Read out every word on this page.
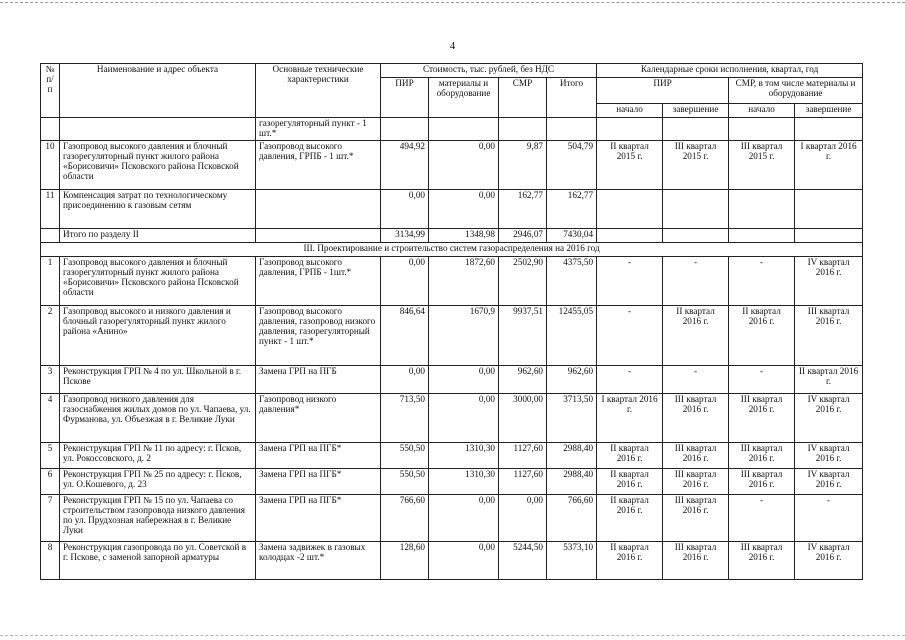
4
№ п/п	Наименование и адрес объекта	Основные технические характеристики	Стоимость, тыс. рублей, без НДС				Календарные сроки исполнения, квартал, год			
			ПИР	материалы и оборудование	СМР	Итого	ПИР		СМР, в том числе материалы и оборудование	
							начало	завершение	начало	завершение
		газорегуляторный пункт - 1 шт.*								
10	Газопровод высокого давления и блочный газорегуляторный пункт жилого района «Борисовичи» Псковского района Псковской области	Газопровод высокого давления, ГРПБ - 1 шт.*	494,92	0,00	9,87	504,79	II квартал 2015 г.	III квартал 2015 г.	III квартал 2015 г.	I квартал 2016 г.
11	Компенсация затрат по технологическому присоединению к газовым сетям		0,00	0,00	162,77	162,77				
	Итого по разделу II		3134,99	1348,98	2946,07	7430,04				
III. Проектирование и строительство систем газораспределения на 2016 год										
1	Газопровод высокого давления и блочный газорегуляторный пункт жилого района «Борисовичи» Псковского района Псковской области	Газопровод высокого давления, ГРПБ - 1шт.*	0,00	1872,60	2502,90	4375,50	-	-	-	IV квартал 2016 г.
2	Газопровод высокого и низкого давления и блочный газорегуляторный пункт жилого района «Анино»	Газопровод высокого давления, газопровод низкого давления, газорегуляторный пункт - 1 шт.*	846,64	1670,9	9937,51	12455,05	-	II квартал 2016 г.	II квартал 2016 г.	III квартал 2016 г.
3	Реконструкция ГРП № 4 по ул. Школьной в г. Пскове	Замена ГРП на ПГБ	0,00	0,00	962,60	962,60	-	-	-	II квартал 2016 г.
4	Газопровод низкого давления для газоснабжения жилых домов по ул. Чапаева, ул. Фурманова, ул. Объезжая в г. Великие Луки	Газопровод низкого давления*	713,50	0,00	3000,00	3713,50	I квартал 2016 г.	III квартал 2016 г.	III квартал 2016 г.	IV квартал 2016 г.
5	Реконструкция ГРП № 11 по адресу: г. Псков, ул. Рокоссовского, д. 2	Замена ГРП на ПГБ*	550,50	1310,30	1127,60	2988,40	II квартал 2016 г.	III квартал 2016 г.	III квартал 2016 г.	IV квартал 2016 г.
6	Реконструкция ГРП № 25 по адресу: г. Псков, ул. О.Кошевого, д. 23	Замена ГРП на ПГБ*	550,50	1310,30	1127,60	2988,40	II квартал 2016 г.	III квартал 2016 г.	III квартал 2016 г.	IV квартал 2016 г.
7	Реконструкция ГРП № 15 по ул. Чапаева со строительством газопровода низкого давления по ул. Прудхозная набережная в г. Великие Луки	Замена ГРП на ПГБ*	766,60	0,00	0,00	766,60	II квартал 2016 г.	III квартал 2016 г.	-	-
8	Реконструкция газопровода по ул. Советской в г. Пскове, с заменой запорной арматуры	Замена задвижек в газовых колодцах -2 шт.*	128,60	0,00	5244,50	5373,10	II квартал 2016 г.	III квартал 2016 г.	III квартал 2016 г.	IV квартал 2016 г.
